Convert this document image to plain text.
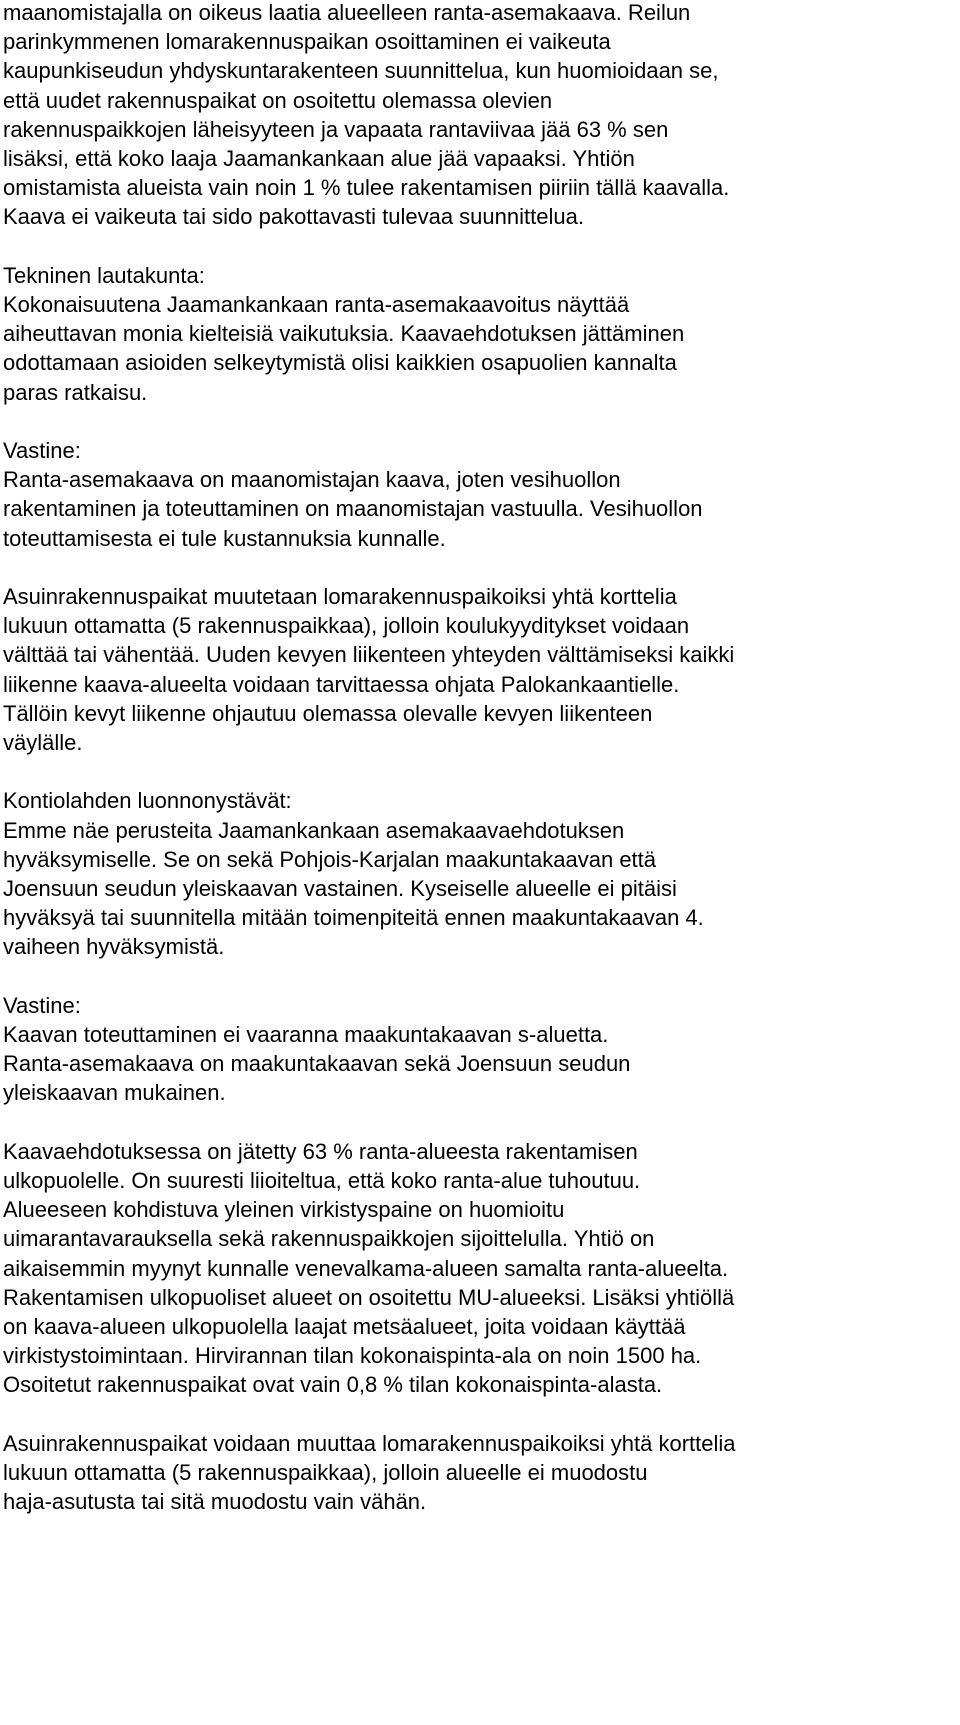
maanomistajalla on oikeus laatia alueelleen ranta-asemakaava. Reilun
parinkymmenen lomarakennuspaikan osoittaminen ei vaikeuta
kaupunkiseudun yhdyskuntarakenteen suunnittelua, kun huomioidaan se,
että uudet rakennuspaikat on osoitettu olemassa olevien
rakennuspaikkojen läheisyyteen ja vapaata rantaviivaa jää 63 % sen
lisäksi, että koko laaja Jaamankankaan alue jää vapaaksi. Yhtiön
omistamista alueista vain noin 1 % tulee rakentamisen piiriin tällä kaavalla.
Kaava ei vaikeuta tai sido pakottavasti tulevaa suunnittelua.
Tekninen lautakunta:
Kokonaisuutena Jaamankankaan ranta-asemakaavoitus näyttää
aiheuttavan monia kielteisiä vaikutuksia. Kaavaehdotuksen jättäminen
odottamaan asioiden selkeytymistä olisi kaikkien osapuolien kannalta
paras ratkaisu.
Vastine:
Ranta-asemakaava on maanomistajan kaava, joten vesihuollon
rakentaminen ja toteuttaminen on maanomistajan vastuulla. Vesihuollon
toteuttamisesta ei tule kustannuksia kunnalle.
Asuinrakennuspaikat muutetaan lomarakennuspaikoiksi yhtä korttelia
lukuun ottamatta (5 rakennuspaikkaa), jolloin koulukyyditykset voidaan
välttää tai vähentää. Uuden kevyen liikenteen yhteyden välttämiseksi kaikki
liikenne kaava-alueelta voidaan tarvittaessa ohjata Palokankaantielle.
Tällöin kevyt liikenne ohjautuu olemassa olevalle kevyen liikenteen
väylälle.
Kontiolahden luonnonystävät:
Emme näe perusteita Jaamankankaan asemakaavaehdotuksen
hyväksymiselle. Se on sekä Pohjois-Karjalan maakuntakaavan että
Joensuun seudun yleiskaavan vastainen. Kyseiselle alueelle ei pitäisi
hyväksyä tai suunnitella mitään toimenpiteitä ennen maakuntakaavan 4.
vaiheen hyväksymistä.
Vastine:
Kaavan toteuttaminen ei vaaranna maakuntakaavan s-aluetta.
Ranta-asemakaava on maakuntakaavan sekä Joensuun seudun
yleiskaavan mukainen.
Kaavaehdotuksessa on jätetty 63 % ranta-alueesta rakentamisen
ulkopuolelle. On suuresti liioiteltua, että koko ranta-alue tuhoutuu.
Alueeseen kohdistuva yleinen virkistyspaine on huomioitu
uimarantavarauksella sekä rakennuspaikkojen sijoittelulla. Yhtiö on
aikaisemmin myynyt kunnalle venevalkama-alueen samalta ranta-alueelta.
Rakentamisen ulkopuoliset alueet on osoitettu MU-alueeksi. Lisäksi yhtiöllä
on kaava-alueen ulkopuolella laajat metsäalueet, joita voidaan käyttää
virkistystoimintaan. Hirvirannan tilan kokonaispinta-ala on noin 1500 ha.
Osoitetut rakennuspaikat ovat vain 0,8 % tilan kokonaispinta-alasta.
Asuinrakennuspaikat voidaan muuttaa lomarakennuspaikoiksi yhtä korttelia
lukuun ottamatta (5 rakennuspaikkaa), jolloin alueelle ei muodostu
haja-asutusta tai sitä muodostu vain vähän.
